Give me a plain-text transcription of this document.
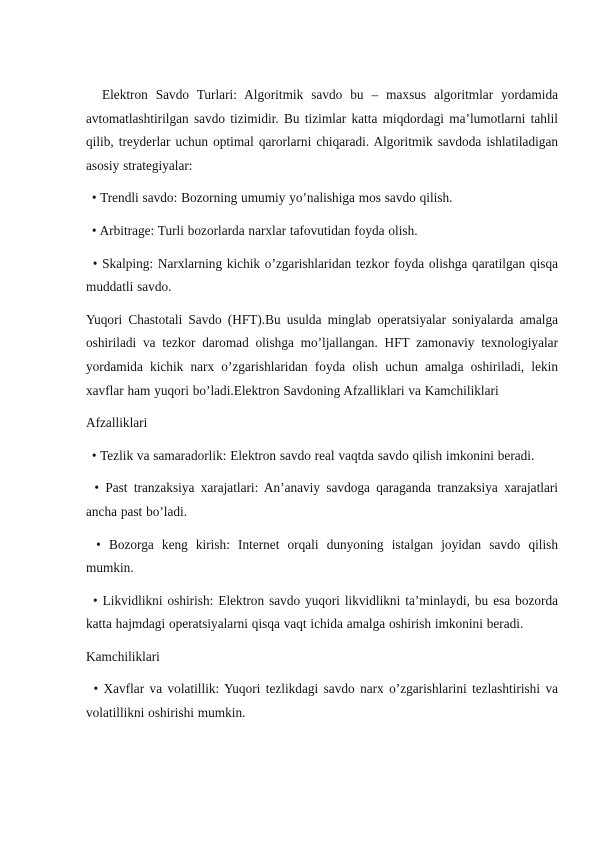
Elektron Savdo Turlari: Algoritmik savdo bu – maxsus algoritmlar yordamida avtomatlashtirilgan savdo tizimidir. Bu tizimlar katta miqdordagi ma’lumotlarni tahlil qilib, treyderlar uchun optimal qarorlarni chiqaradi. Algoritmik savdoda ishlatiladigan asosiy strategiyalar:

• Trendli savdo: Bozorning umumiy yo’nalishiga mos savdo qilish.

• Arbitrage: Turli bozorlarda narxlar tafovutidan foyda olish.

• Skalping: Narxlarning kichik o’zgarishlaridan tezkor foyda olishga qaratilgan qisqa muddatli savdo.

Yuqori Chastotali Savdo (HFT).Bu usulda minglab operatsiyalar soniyalarda amalga oshiriladi va tezkor daromad olishga mo’ljallangan. HFT zamonaviy texnologiyalar yordamida kichik narx o’zgarishlaridan foyda olish uchun amalga oshiriladi, lekin xavflar ham yuqori bo’ladi.Elektron Savdoning Afzalliklari va Kamchiliklari

Afzalliklari

• Tezlik va samaradorlik: Elektron savdo real vaqtda savdo qilish imkonini beradi.

• Past tranzaksiya xarajatlari: An’anaviy savdoga qaraganda tranzaksiya xarajatlari ancha past bo’ladi.

• Bozorga keng kirish: Internet orqali dunyoning istalgan joyidan savdo qilish mumkin.

• Likvidlikni oshirish: Elektron savdo yuqori likvidlikni ta’minlaydi, bu esa bozorda katta hajmdagi operatsiyalarni qisqa vaqt ichida amalga oshirish imkonini beradi.

Kamchiliklari

• Xavflar va volatillik: Yuqori tezlikdagi savdo narx o’zgarishlarini tezlashtirishi va volatillikni oshirishi mumkin.
